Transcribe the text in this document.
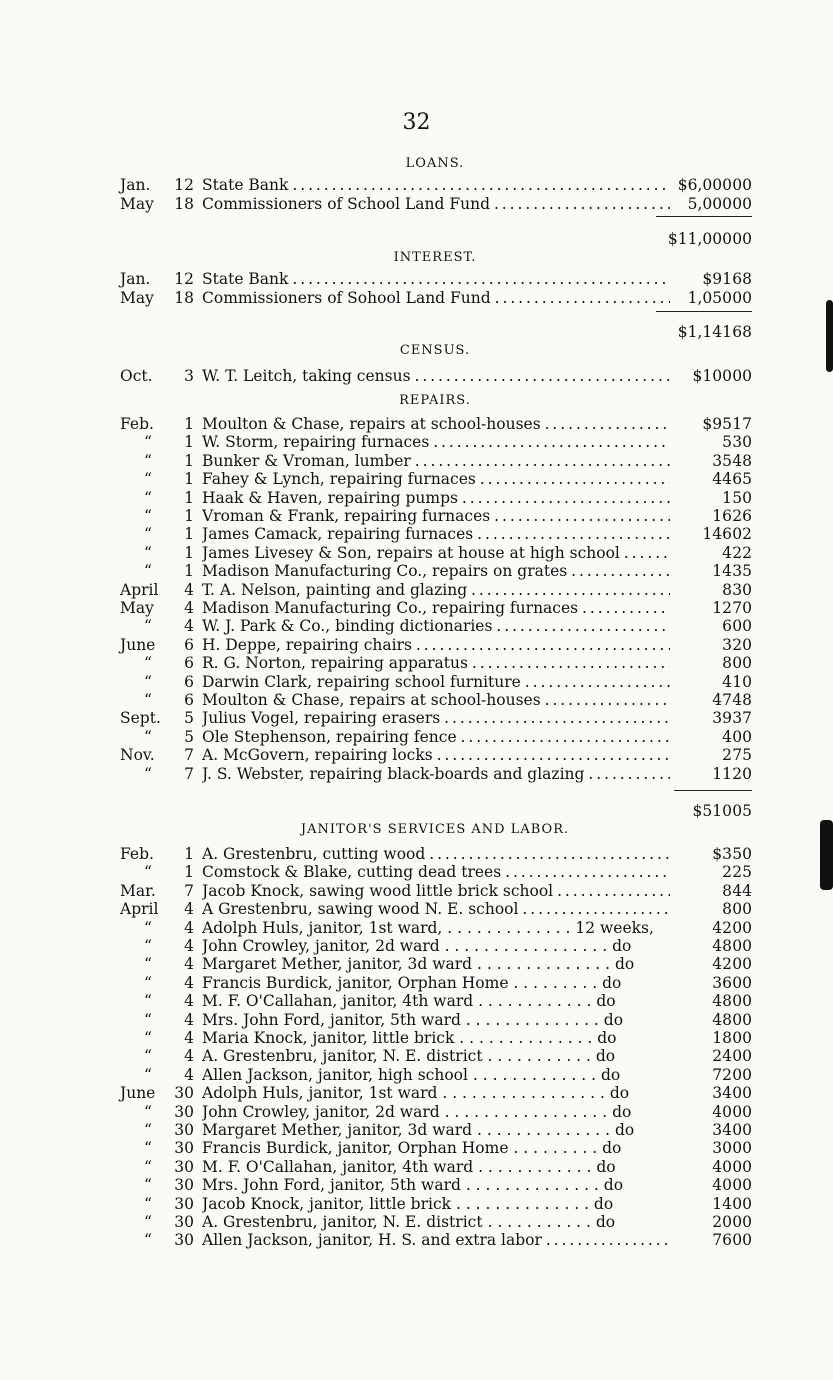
32
LOANS.
Jan.	12 State Bank . . .	$6,000 00
May	18 Commissioners of School Land Fund . . .	5,000 00
$11,000 00
INTEREST.
Jan.	12 State Bank . . .	$91 68
May	18 Commissioners of Sohool Land Fund . . .	1,050 00
$1,141 68
CENSUS.
Oct.	3 W. T. Leitch, taking census . . .	$100 00
REPAIRS.
Feb.	1 Moulton & Chase, repairs at school-houses . . .	$95 17
“	1 W. Storm, repairing furnaces . . .	5 30
“	1 Bunker & Vroman, lumber . . .	35 48
“	1 Fahey & Lynch, repairing furnaces . . .	44 65
“	1 Haak & Haven, repairing pumps . . .	1 50
“	1 Vroman & Frank, repairing furnaces . . .	16 26
“	1 James Camack, repairing furnaces . . .	146 02
“	1 James Livesey & Son, repairs at house at high school . . .	4 22
“	1 Madison Manufacturing Co., repairs on grates . . .	14 35
April	4 T. A. Nelson, painting and glazing . . .	8 30
May	4 Madison Manufacturing Co., repairing furnaces . . .	12 70
“	4 W. J. Park & Co., binding dictionaries . . .	6 00
June	6 H. Deppe, repairing chairs . . .	3 20
“	6 R. G. Norton, repairing apparatus . . .	8 00
“	6 Darwin Clark, repairing school furniture . . .	4 10
“	6 Moulton & Chase, repairs at school-houses . . .	47 48
Sept.	5 Julius Vogel, repairing erasers . . .	39 37
“	5 Ole Stephenson, repairing fence . . .	4 00
Nov.	7 A. McGovern, repairing locks . . .	2 75
“	7 J. S. Webster, repairing black-boards and glazing . . .	11 20
$510 05
JANITOR'S SERVICES AND LABOR.
Feb.	1 A. Grestenbru, cutting wood . . .	$3 50
“	1 Comstock & Blake, cutting dead trees . . .	2 25
Mar.	7 Jacob Knock, sawing wood little brick school . . .	8 44
April	4 A Grestenbru, sawing wood N. E. school . . .	8 00
“	4 Adolph Huls, janitor, 1st ward, . . . . . . . . . . . . . 12 weeks,	42 00
“	4 John Crowley, janitor, 2d ward . . . . . . . . . . . . . . . . . do	48 00
“	4 Margaret Mether, janitor, 3d ward . . . . . . . . . . . . . . do	42 00
“	4 Francis Burdick, janitor, Orphan Home . . . . . . . . . do	36 00
“	4 M. F. O'Callahan, janitor, 4th ward . . . . . . . . . . . . do	48 00
“	4 Mrs. John Ford, janitor, 5th ward . . . . . . . . . . . . . . do	48 00
“	4 Maria Knock, janitor, little brick . . . . . . . . . . . . . . do	18 00
“	4 A. Grestenbru, janitor, N. E. district . . . . . . . . . . . do	24 00
“	4 Allen Jackson, janitor, high school . . . . . . . . . . . . . do	72 00
June	30 Adolph Huls, janitor, 1st ward . . . . . . . . . . . . . . . . . do	34 00
“	30 John Crowley, janitor, 2d ward . . . . . . . . . . . . . . . . . do	40 00
“	30 Margaret Mether, janitor, 3d ward . . . . . . . . . . . . . . do	34 00
“	30 Francis Burdick, janitor, Orphan Home . . . . . . . . . do	30 00
“	30 M. F. O'Callahan, janitor, 4th ward . . . . . . . . . . . . do	40 00
“	30 Mrs. John Ford, janitor, 5th ward . . . . . . . . . . . . . . do	40 00
“	30 Jacob Knock, janitor, little brick . . . . . . . . . . . . . . do	14 00
“	30 A. Grestenbru, janitor, N. E. district . . . . . . . . . . . do	20 00
“	30 Allen Jackson, janitor, H. S. and extra labor . . .	76 00
